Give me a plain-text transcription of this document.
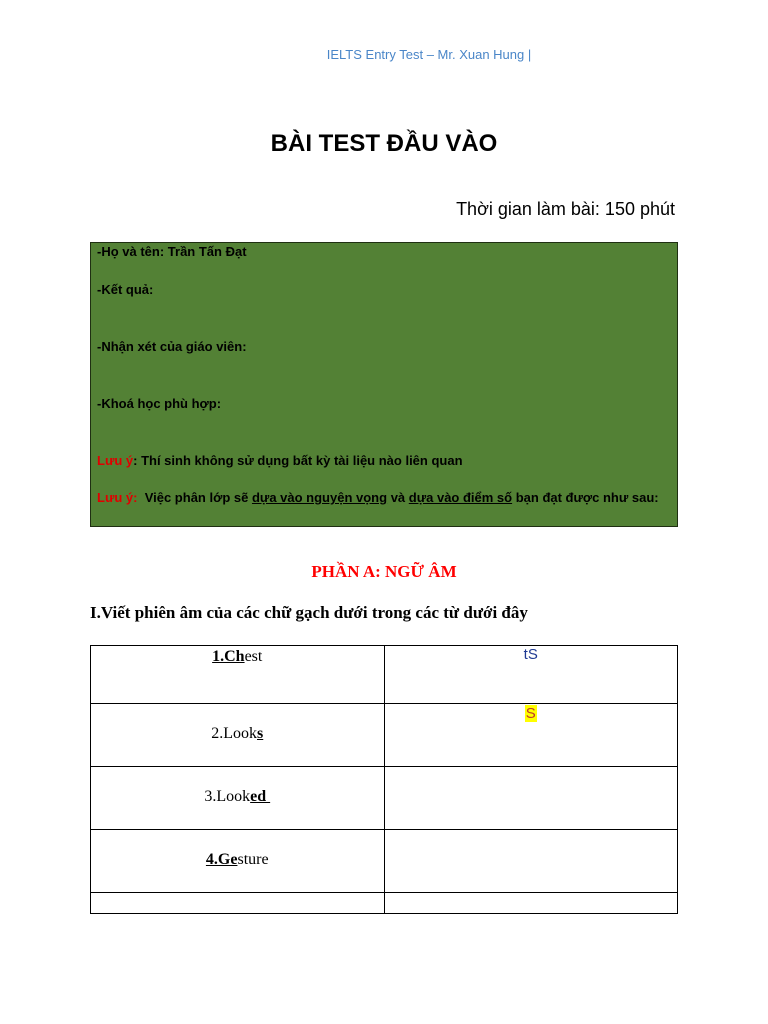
IELTS Entry Test – Mr. Xuan Hung |
BÀI TEST ĐẦU VÀO
Thời gian làm bài: 150 phút
-Họ và tên: Trần Tấn Đạt
-Kết quả:
-Nhận xét của giáo viên:
-Khoá học phù hợp:
Lưu ý: Thí sinh không sử dụng bất kỳ tài liệu nào liên quan
Lưu ý:  Việc phân lớp sẽ dựa vào nguyện vọng và dựa vào điểm số bạn đạt được như sau:
PHẦN A: NGỮ ÂM
I.Viết phiên âm của các chữ gạch dưới trong các từ dưới đây
1.Chest	tS

2.Looks	S

3.Looked	

4.Gesture	
